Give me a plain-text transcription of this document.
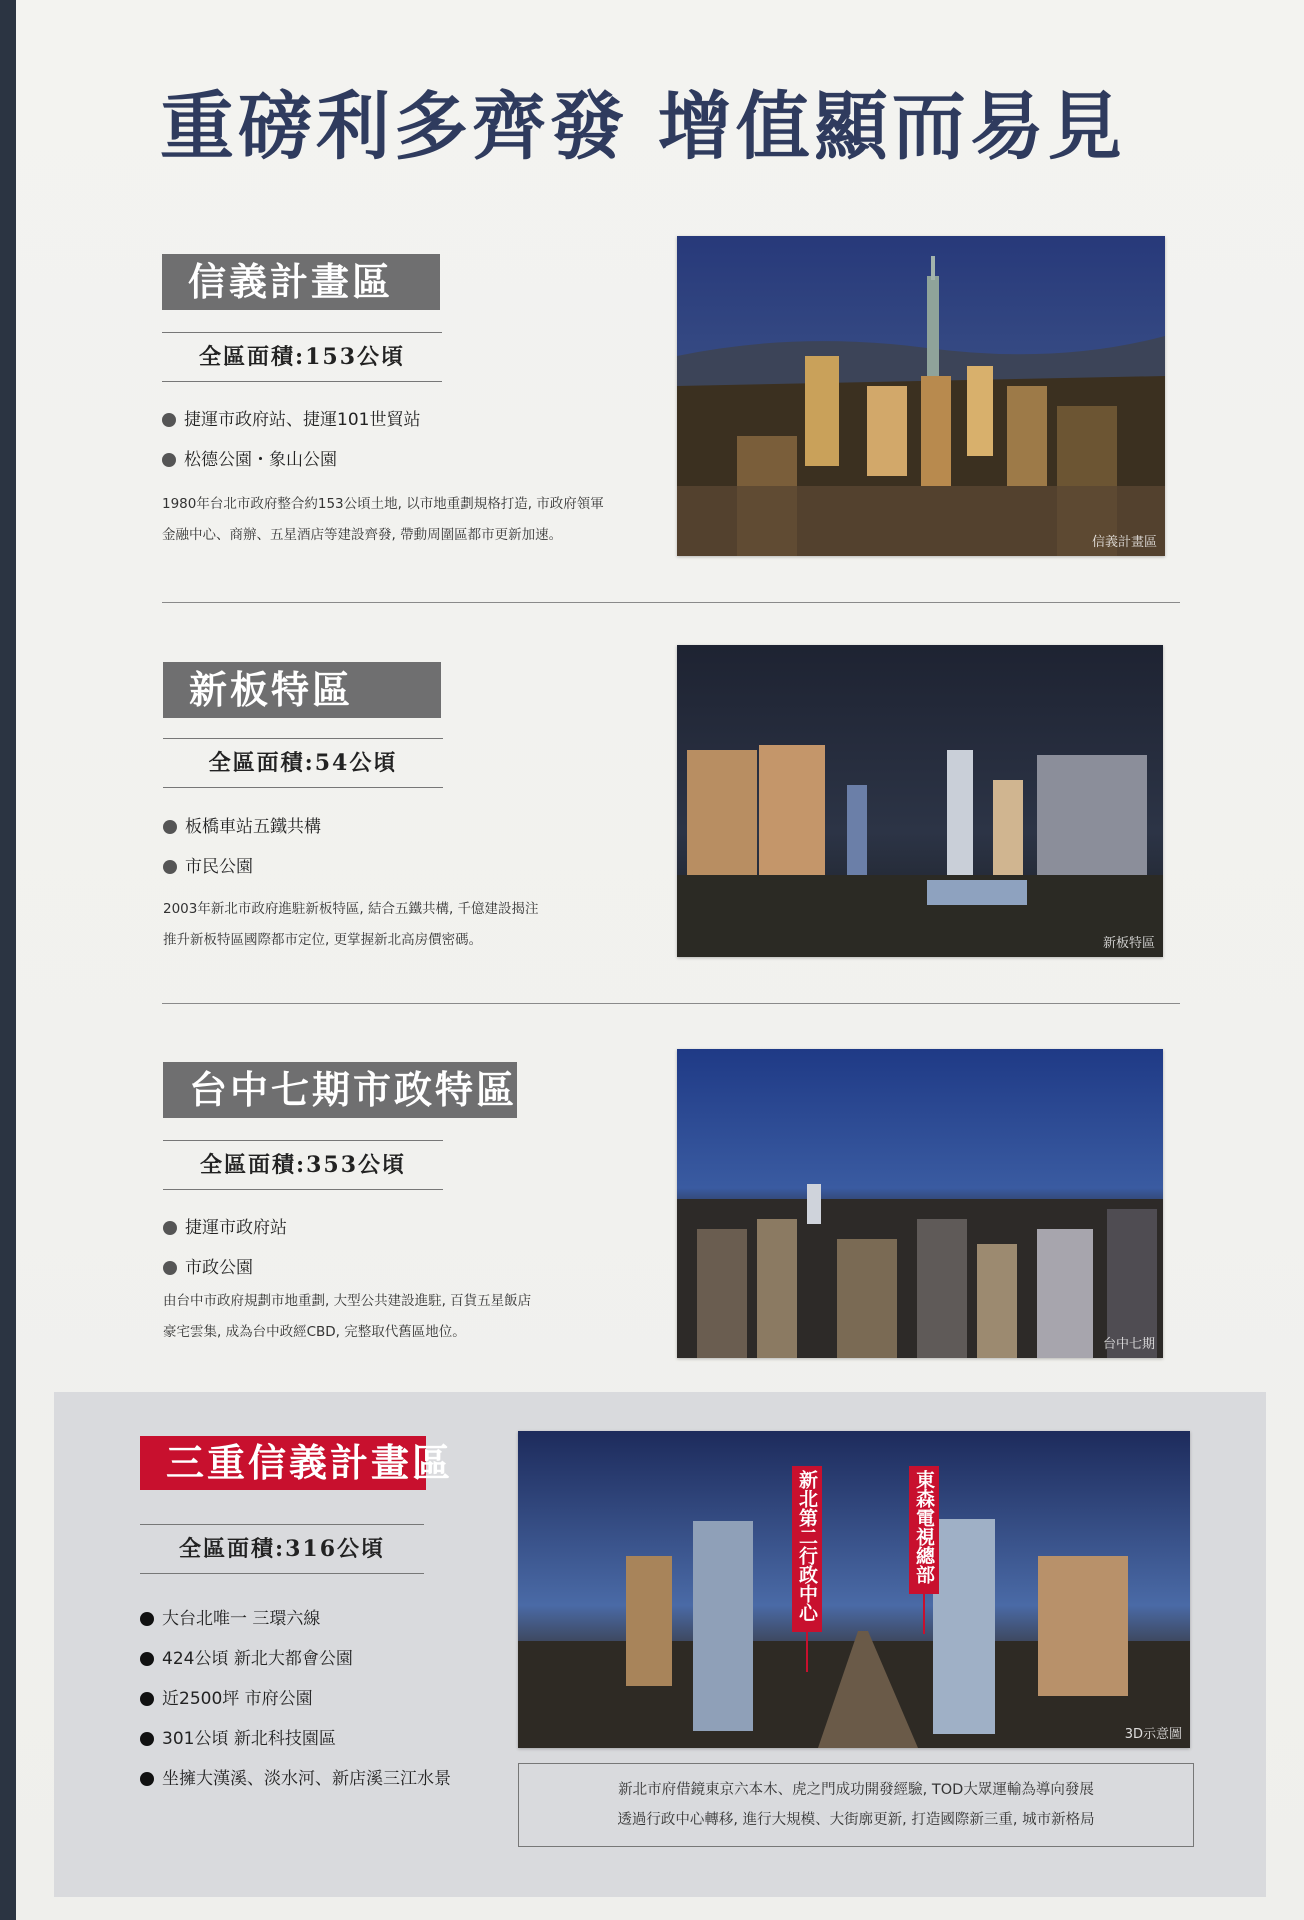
重磅利多齊發 增值顯而易見
信義計畫區
全區面積:153公頃
捷運市政府站、捷運101世貿站
松德公園・象山公園
1980年台北市政府整合約153公頃土地, 以市地重劃規格打造, 市政府領軍
金融中心、商辦、五星酒店等建設齊發, 帶動周圍區都市更新加速。	信義計畫區
新板特區
全區面積:54公頃
板橋車站五鐵共構
市民公園
2003年新北市政府進駐新板特區, 結合五鐵共構, 千億建設揭注
推升新板特區國際都市定位, 更掌握新北高房價密碼。	新板特區
台中七期市政特區
全區面積:353公頃
捷運市政府站
市政公園
由台中市政府規劃市地重劃, 大型公共建設進駐, 百貨五星飯店
豪宅雲集, 成為台中政經CBD, 完整取代舊區地位。
台中七期
三重信義計畫區
全區面積:316公頃
大台北唯一 三環六線
424公頃 新北大都會公園
近2500坪 市府公園
301公頃 新北科技園區
坐擁大漢溪、淡水河、新店溪三江水景
3D示意圖
新北第二行政中心	東森電視總部
新北市府借鏡東京六本木、虎之門成功開發經驗, TOD大眾運輸為導向發展
透過行政中心轉移, 進行大規模、大街廓更新, 打造國際新三重, 城市新格局
